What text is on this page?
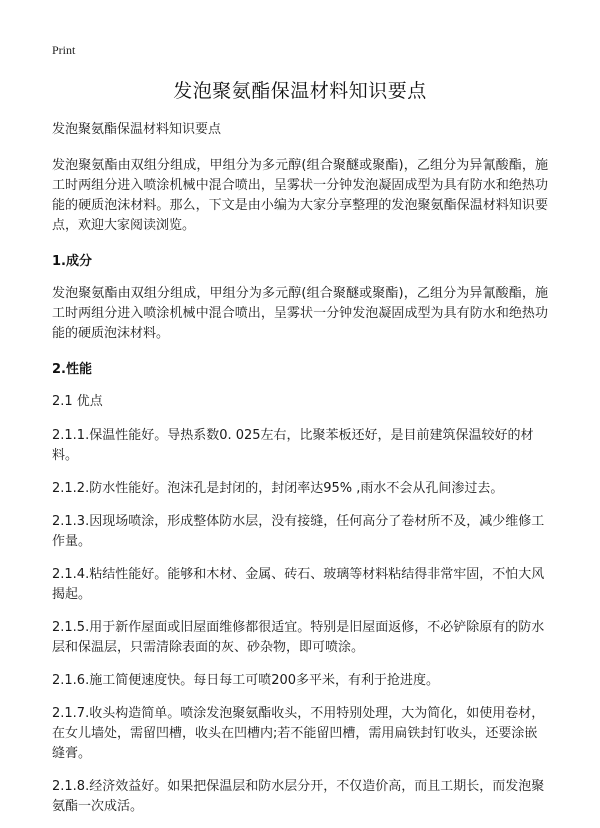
Print

发泡聚氨酯保温材料知识要点

发泡聚氨酯保温材料知识要点

发泡聚氨酯由双组分组成，甲组分为多元醇(组合聚醚或聚酯)，乙组分为异氰酸酯，施工时两组分进入喷涂机械中混合喷出，呈雾状一分钟发泡凝固成型为具有防水和绝热功能的硬质泡沫材料。那么，下文是由小编为大家分享整理的发泡聚氨酯保温材料知识要点，欢迎大家阅读浏览。

1.成分

发泡聚氨酯由双组分组成，甲组分为多元醇(组合聚醚或聚酯)，乙组分为异氰酸酯，施工时两组分进入喷涂机械中混合喷出，呈雾状一分钟发泡凝固成型为具有防水和绝热功能的硬质泡沫材料。

2.性能

2.1 优点

2.1.1.保温性能好。导热系数0. 025左右，比聚苯板还好，是目前建筑保温较好的材料。

2.1.2.防水性能好。泡沫孔是封闭的，封闭率达95% ,雨水不会从孔间渗过去。

2.1.3.因现场喷涂，形成整体防水层，没有接缝，任何高分了卷材所不及，减少维修工作量。

2.1.4.粘结性能好。能够和木材、金属、砖石、玻璃等材料粘结得非常牢固，不怕大风揭起。

2.1.5.用于新作屋面或旧屋面维修都很适宜。特别是旧屋面返修，不必铲除原有的防水层和保温层，只需清除表面的灰、砂杂物，即可喷涂。

2.1.6.施工简便速度快。每日每工可喷200多平米，有利于抢进度。

2.1.7.收头构造简单。喷涂发泡聚氨酯收头，不用特别处理，大为简化，如使用卷材，在女儿墙处，需留凹槽，收头在凹槽内;若不能留凹槽，需用扁铁封钉收头，还要涂嵌缝膏。

2.1.8.经济效益好。如果把保温层和防水层分开，不仅造价高，而且工期长，而发泡聚氨酯一次成活。
